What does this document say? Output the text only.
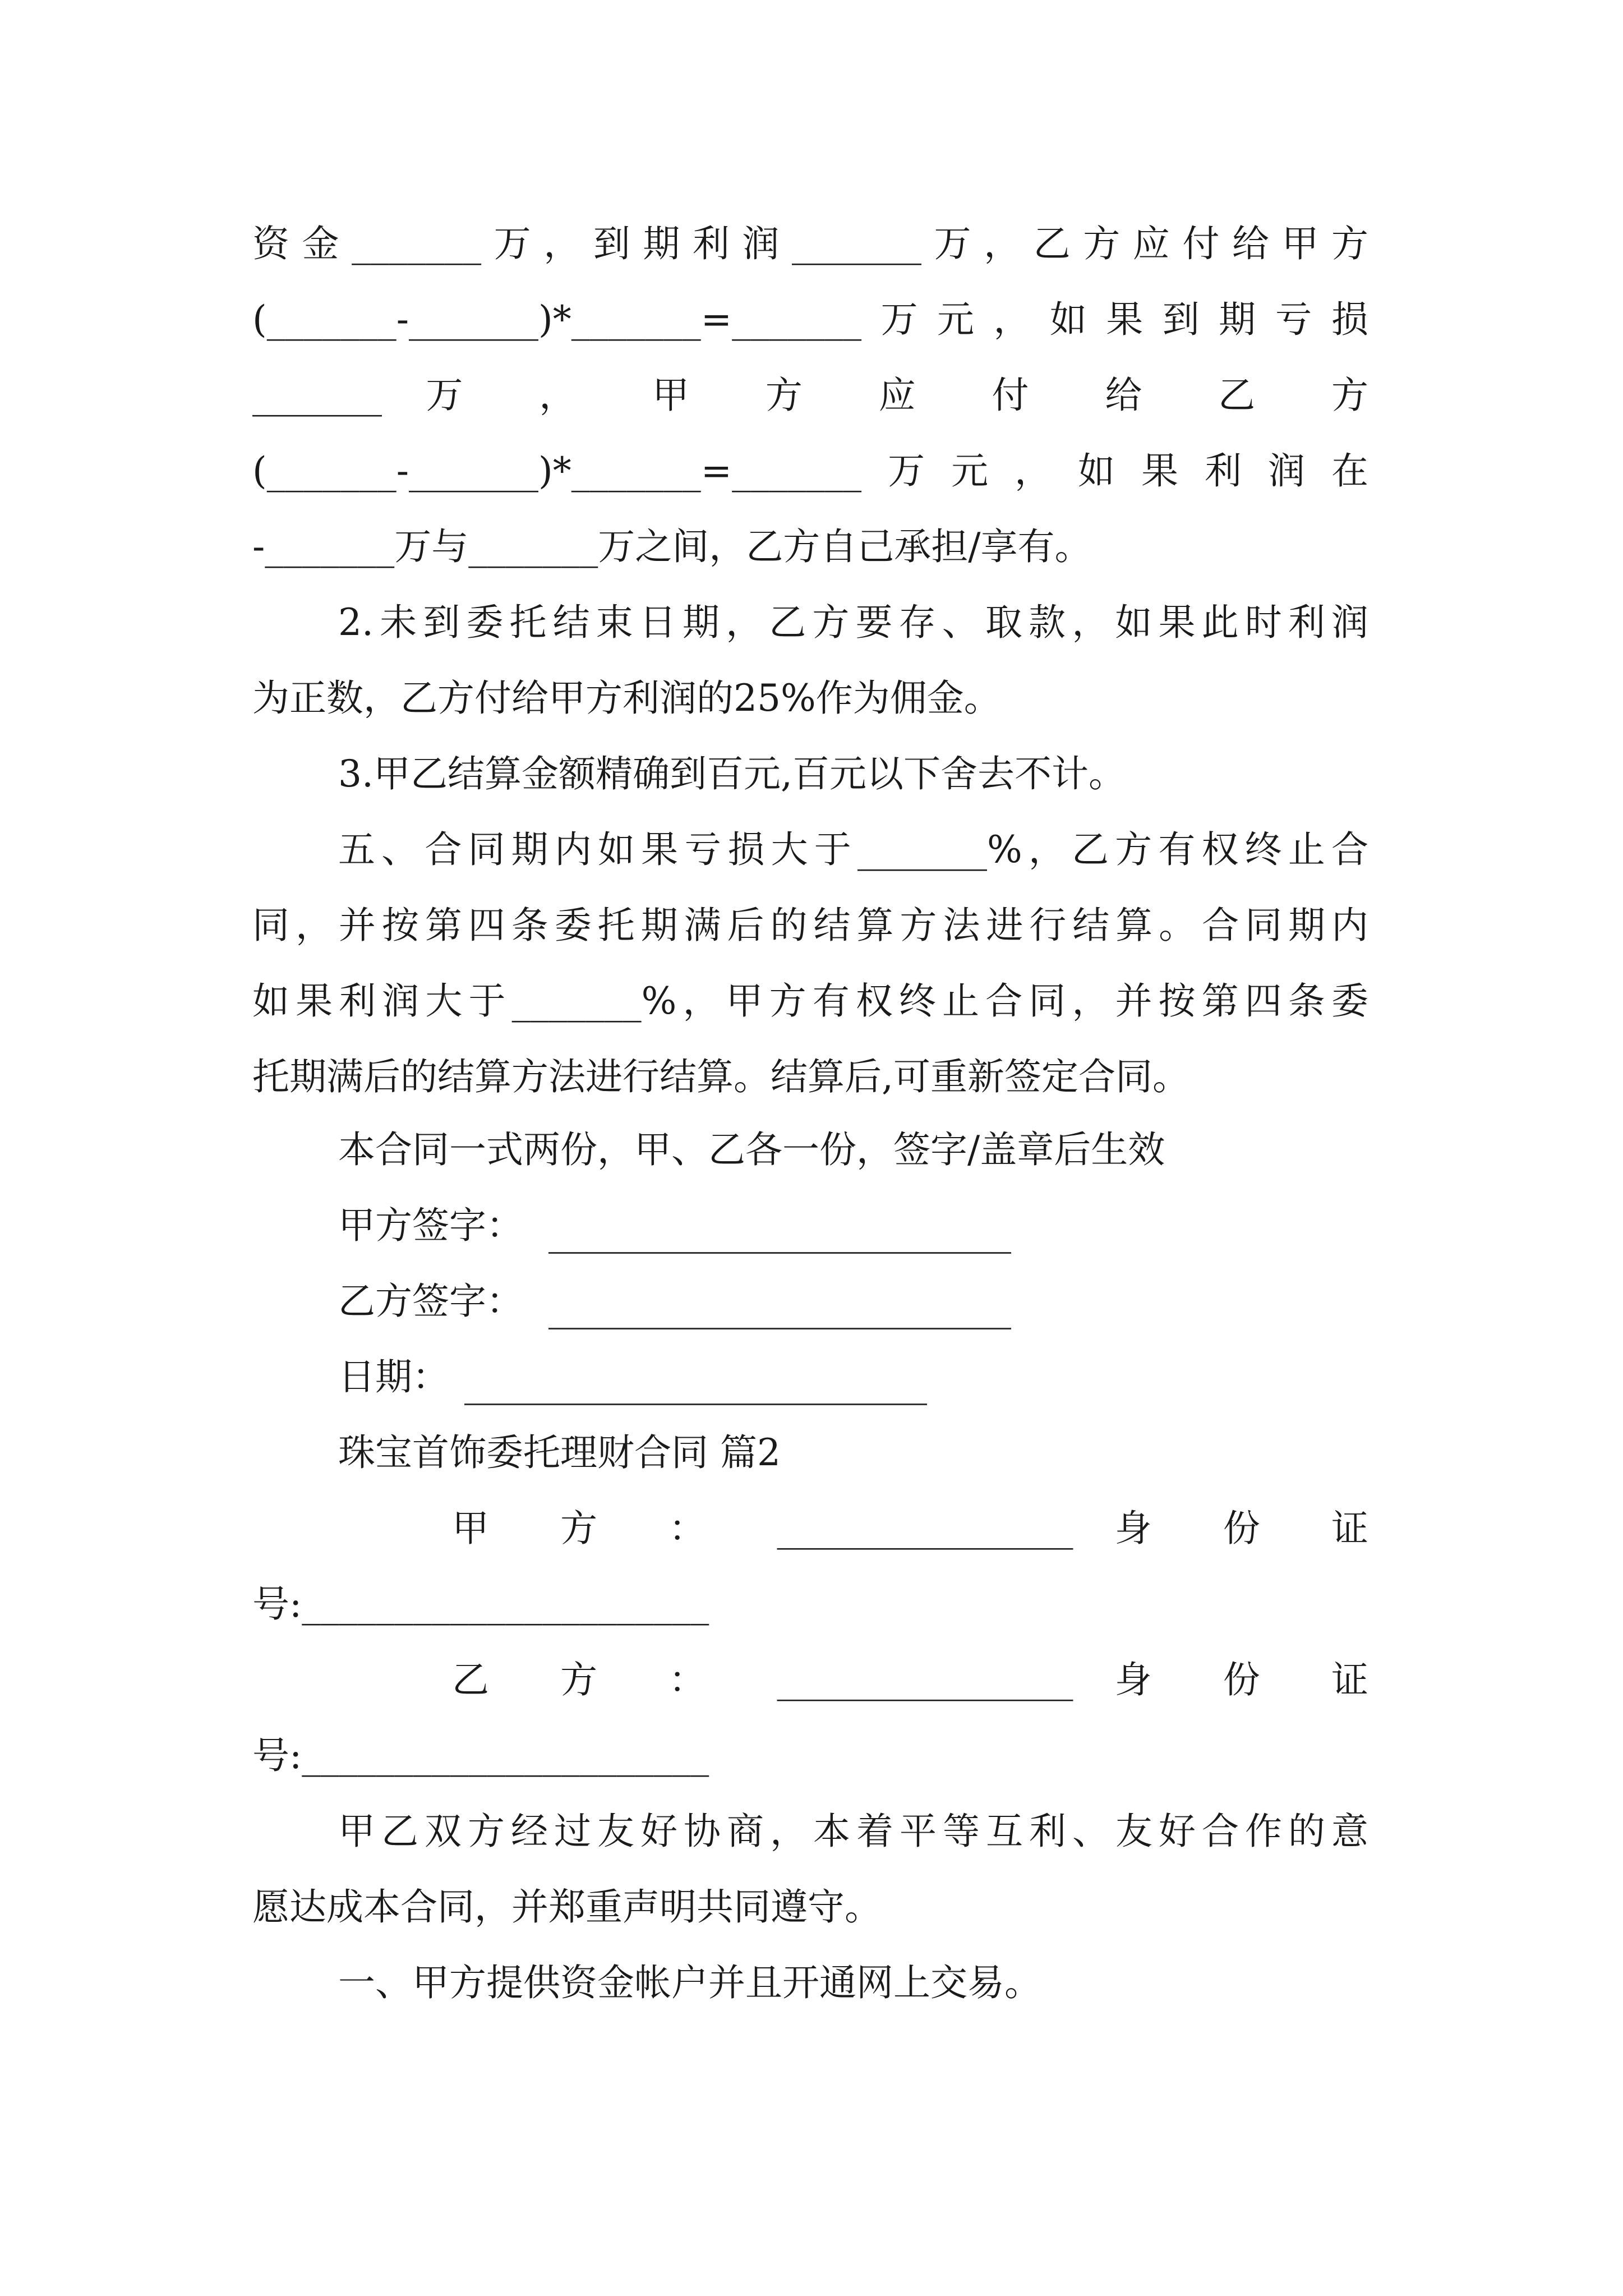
资金_______万，到期利润_______万，乙方应付给甲方
(_______-_______)*_______=_______万元，如果到期亏损
_______ 万 ， 甲 方 应 付 给 乙 方
(_______-_______)*_______=_______万元，如果利润在
-_______万与_______万之间，乙方自己承担/享有。
2.未到委托结束日期，乙方要存、取款，如果此时利润
为正数，乙方付给甲方利润的25%作为佣金。
3.甲乙结算金额精确到百元,百元以下舍去不计。
五、合同期内如果亏损大于_______%，乙方有权终止合
同，并按第四条委托期满后的结算方法进行结算。合同期内
如果利润大于_______%，甲方有权终止合同，并按第四条委
托期满后的结算方法进行结算。结算后,可重新签定合同。
本合同一式两份，甲、乙各一份，签字/盖章后生效
甲方签字：
乙方签字：
日期：
珠宝首饰委托理财合同 篇2
甲 方 ： ________________ 身 份 证
号:______________________
乙 方 ： ________________ 身 份 证
号:______________________
甲乙双方经过友好协商，本着平等互利、友好合作的意
愿达成本合同，并郑重声明共同遵守。
一、甲方提供资金帐户并且开通网上交易。
